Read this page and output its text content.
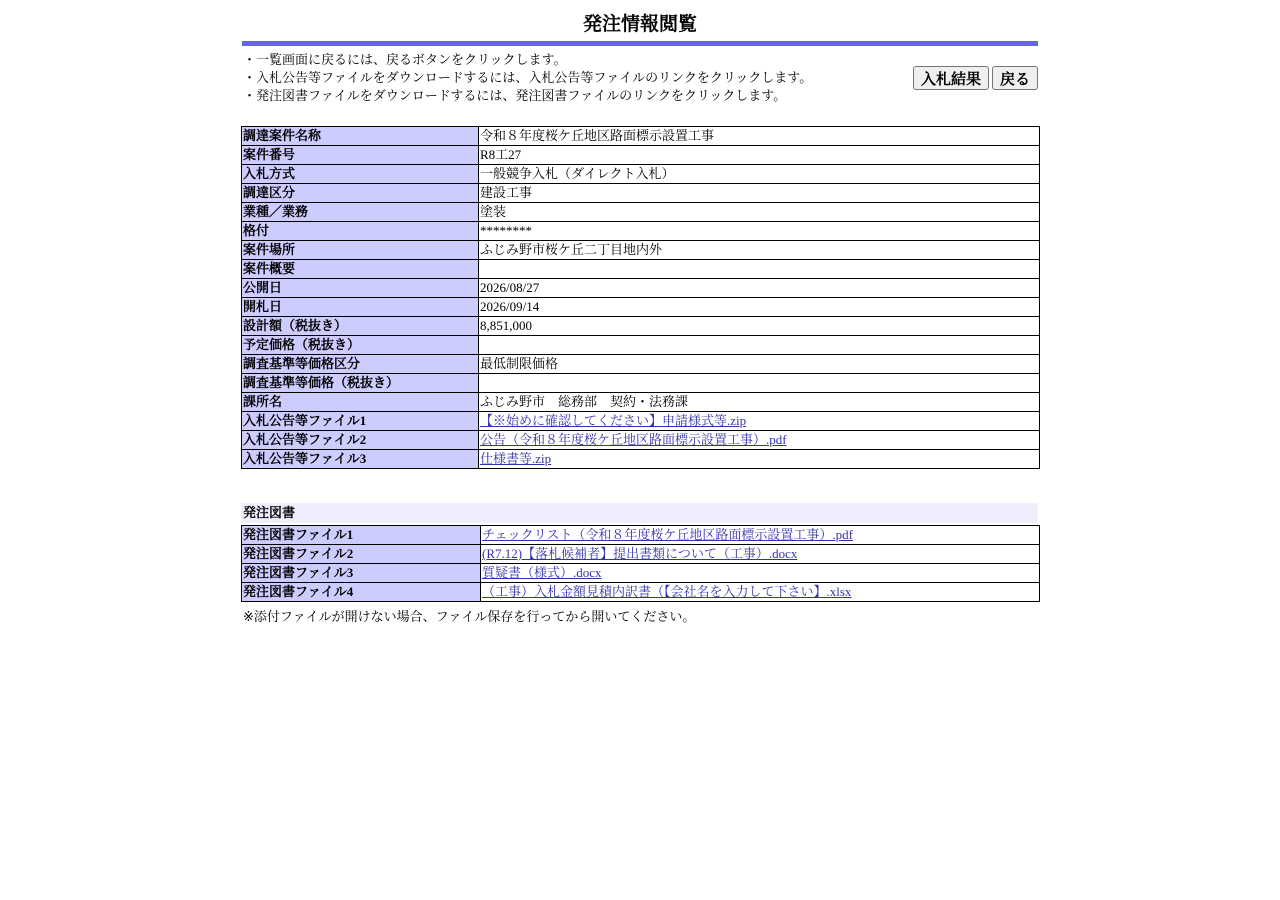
発注情報閲覧
・一覧画面に戻るには、戻るボタンをクリックします。
・入札公告等ファイルをダウンロードするには、入札公告等ファイルのリンクをクリックします。
・発注図書ファイルをダウンロードするには、発注図書ファイルのリンクをクリックします。
入札結果	戻る
調達案件名称	令和８年度桜ケ丘地区路面標示設置工事
案件番号	R8工27
入札方式	一般競争入札（ダイレクト入札）
調達区分	建設工事
業種／業務	塗装
格付	********
案件場所	ふじみ野市桜ケ丘二丁目地内外
案件概要	
公開日	2026/08/27
開札日	2026/09/14
設計額（税抜き）	8,851,000
予定価格（税抜き）	
調査基準等価格区分	最低制限価格
調査基準等価格（税抜き）	
課所名	ふじみ野市　総務部　契約・法務課
入札公告等ファイル1	【※始めに確認してください】申請様式等.zip
入札公告等ファイル2	公告（令和８年度桜ケ丘地区路面標示設置工事）.pdf
入札公告等ファイル3	仕様書等.zip
発注図書
発注図書ファイル1	チェックリスト（令和８年度桜ケ丘地区路面標示設置工事）.pdf
発注図書ファイル2	(R7.12)【落札候補者】提出書類について（工事）.docx
発注図書ファイル3	質疑書（様式）.docx
発注図書ファイル4	（工事）入札金額見積内訳書（【会社名を入力して下さい】.xlsx
※添付ファイルが開けない場合、ファイル保存を行ってから開いてください。
